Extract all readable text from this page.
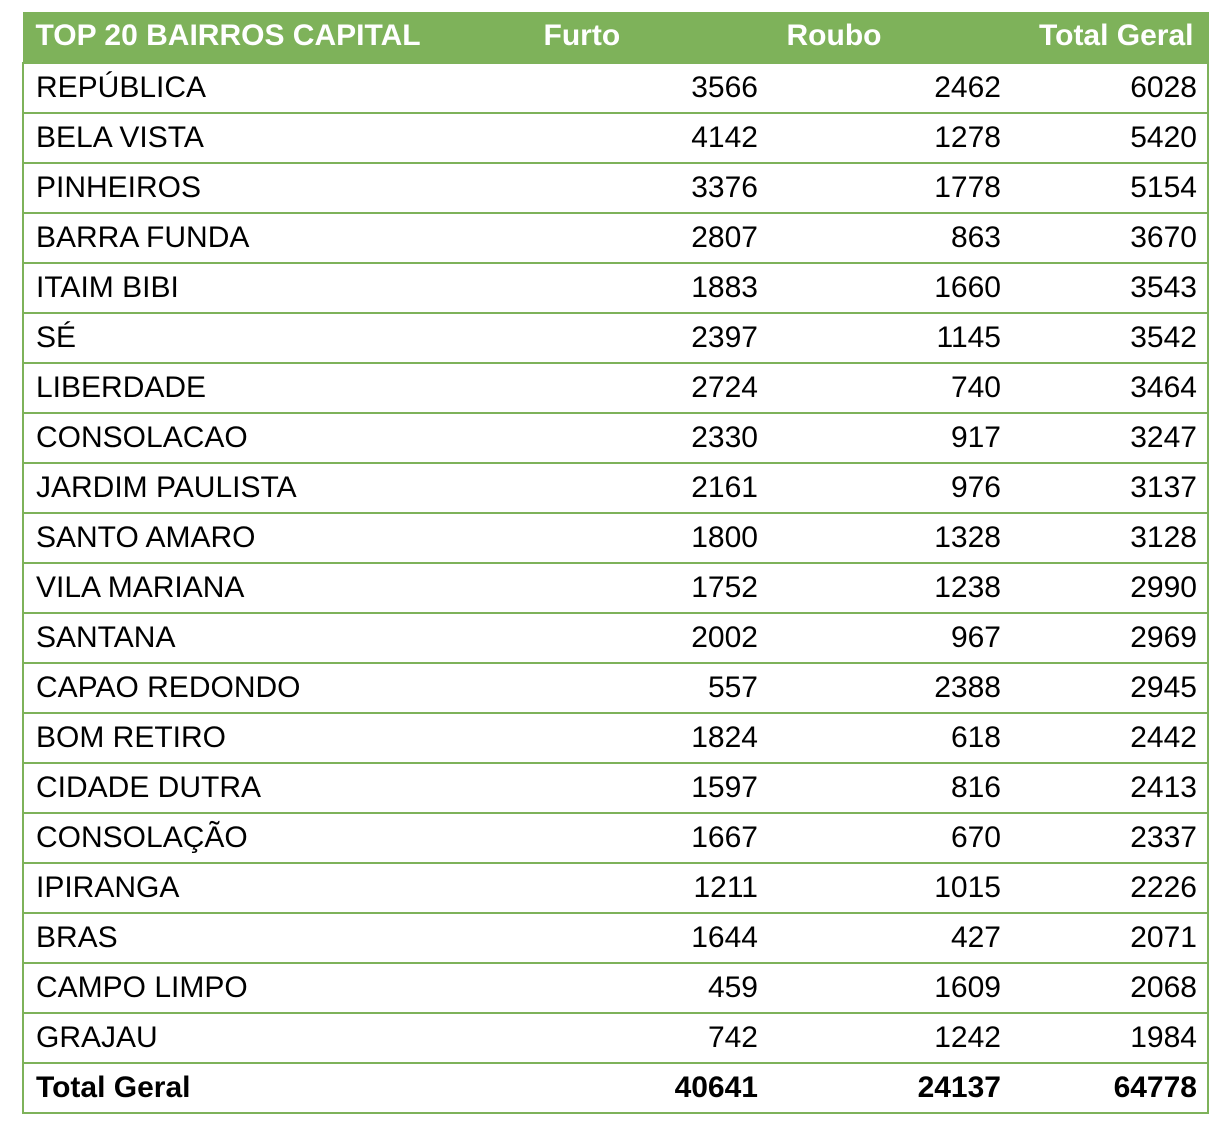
TOP 20 BAIRROS CAPITAL	Furto	Roubo	Total Geral
REPÚBLICA	3566	2462	6028
BELA VISTA	4142	1278	5420
PINHEIROS	3376	1778	5154
BARRA FUNDA	2807	863	3670
ITAIM BIBI	1883	1660	3543
SÉ	2397	1145	3542
LIBERDADE	2724	740	3464
CONSOLACAO	2330	917	3247
JARDIM PAULISTA	2161	976	3137
SANTO AMARO	1800	1328	3128
VILA MARIANA	1752	1238	2990
SANTANA	2002	967	2969
CAPAO REDONDO	557	2388	2945
BOM RETIRO	1824	618	2442
CIDADE DUTRA	1597	816	2413
CONSOLAÇÃO	1667	670	2337
IPIRANGA	1211	1015	2226
BRAS	1644	427	2071
CAMPO LIMPO	459	1609	2068
GRAJAU	742	1242	1984
Total Geral	40641	24137	64778
